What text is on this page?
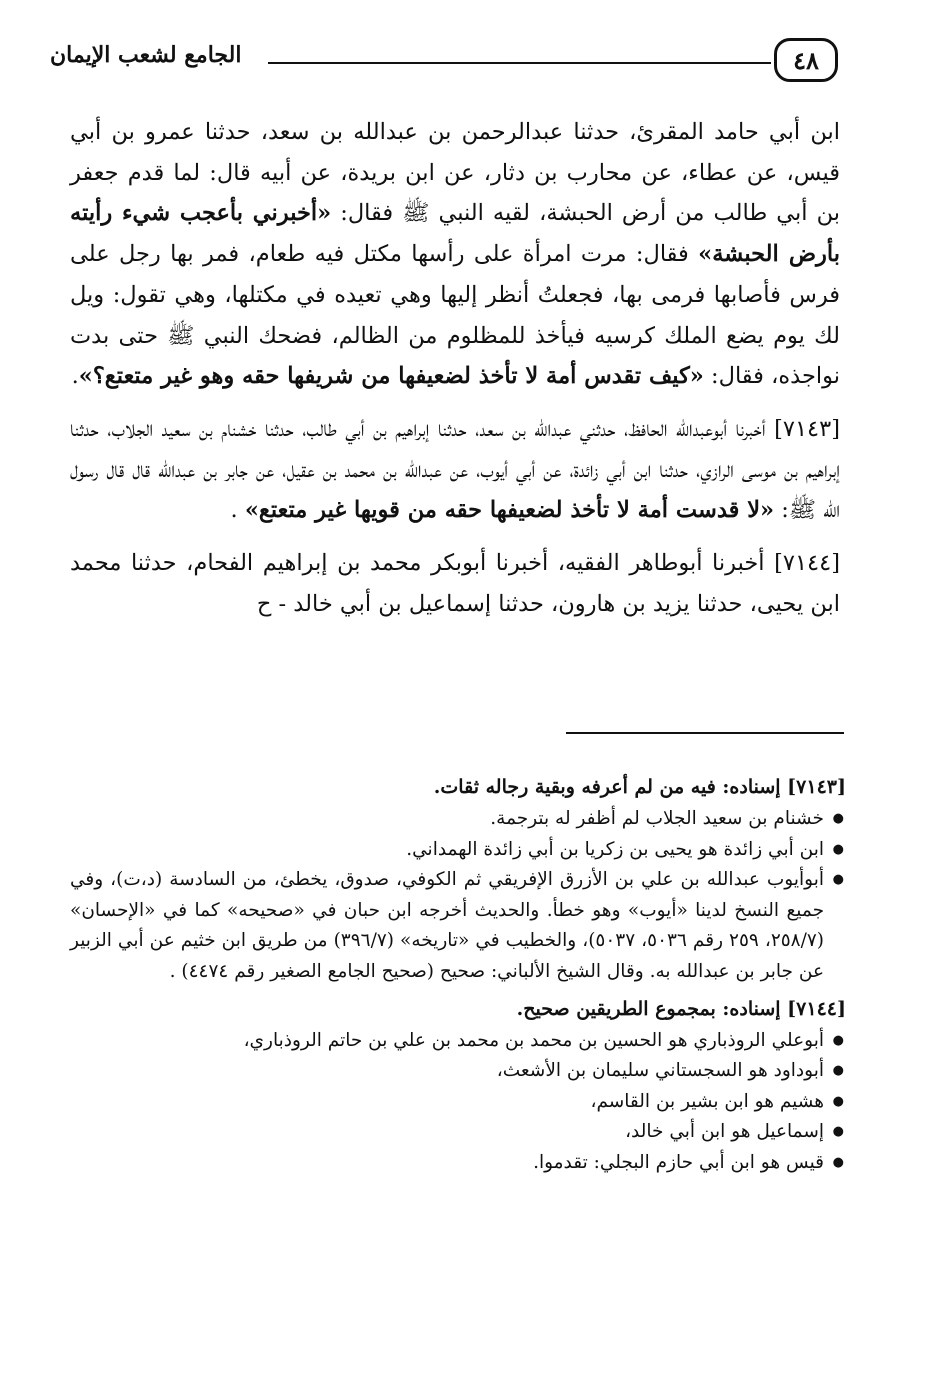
٤٨
الجامع لشعب الإيمان

ابن أبي حامد المقرئ، حدثنا عبدالرحمن بن عبدالله بن سعد، حدثنا عمرو بن أبي قيس، عن عطاء، عن محارب بن دثار، عن ابن بريدة، عن أبيه قال: لما قدم جعفر بن أبي طالب من أرض الحبشة، لقيه النبي ﷺ فقال: «أخبرني بأعجب شيء رأيته بأرض الحبشة» فقال: مرت امرأة على رأسها مكتل فيه طعام، فمر بها رجل على فرس فأصابها فرمى بها، فجعلتُ أنظر إليها وهي تعيده في مكتلها، وهي تقول: ويل لك يوم يضع الملك كرسيه فيأخذ للمظلوم من الظالم، فضحك النبي ﷺ حتى بدت نواجذه، فقال: «كيف تقدس أمة لا تأخذ لضعيفها من شريفها حقه وهو غير متعتع؟».

[٧١٤٣] أخبرنا أبوعبدالله الحافظ، حدثني عبدالله بن سعد، حدثنا إبراهيم بن أبي طالب، حدثنا خشنام بن سعيد الجلاب، حدثنا إبراهيم بن موسى الرازي، حدثنا ابن أبي زائدة، عن أبي أيوب، عن عبدالله بن محمد بن عقيل، عن جابر بن عبدالله قال قال رسول الله ﷺ: «لا قدست أمة لا تأخذ لضعيفها حقه من قويها غير متعتع» .

[٧١٤٤] أخبرنا أبوطاهر الفقيه، أخبرنا أبوبكر محمد بن إبراهيم الفحام، حدثنا محمد ابن يحيى، حدثنا يزيد بن هارون، حدثنا إسماعيل بن أبي خالد - ح

[٧١٤٣] إسناده: فيه من لم أعرفه وبقية رجاله ثقات.

● خشنام بن سعيد الجلاب لم أظفر له بترجمة.
● ابن أبي زائدة هو يحيى بن زكريا بن أبي زائدة الهمداني.
● أبوأيوب عبدالله بن علي بن الأزرق الإفريقي ثم الكوفي، صدوق، يخطئ، من السادسة (د،ت)، وفي جميع النسخ لدينا «أيوب» وهو خطأ. والحديث أخرجه ابن حبان في «صحيحه» كما في «الإحسان» (٢٥٨/٧، ٢٥٩ رقم ٥٠٣٦، ٥٠٣٧)، والخطيب في «تاريخه» (٣٩٦/٧) من طريق ابن خثيم عن أبي الزبير عن جابر بن عبدالله به. وقال الشيخ الألباني: صحيح (صحيح الجامع الصغير رقم ٤٤٧٤) .

[٧١٤٤] إسناده: بمجموع الطريقين صحيح.

● أبوعلي الروذباري هو الحسين بن محمد بن محمد بن علي بن حاتم الروذباري،
● أبوداود هو السجستاني سليمان بن الأشعث،
● هشيم هو ابن بشير بن القاسم،
● إسماعيل هو ابن أبي خالد،
● قيس هو ابن أبي حازم البجلي: تقدموا.
